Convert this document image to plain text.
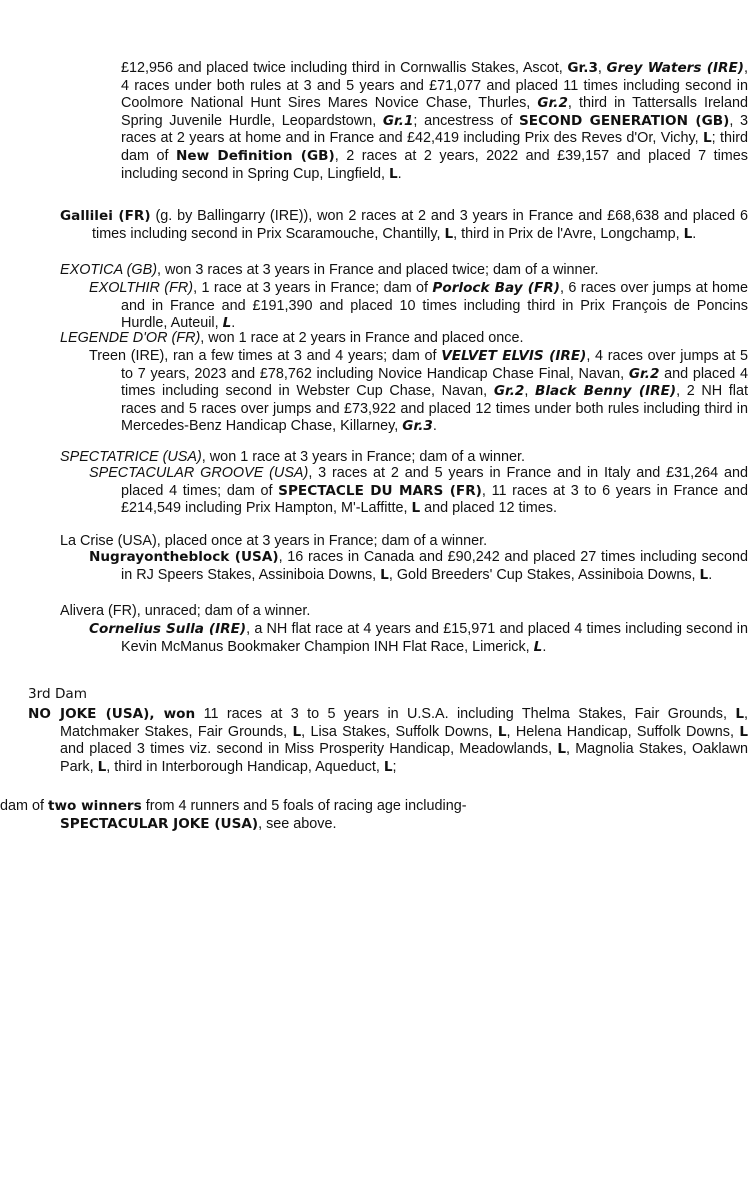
£12,956 and placed twice including third in Cornwallis Stakes, Ascot, Gr.3, Grey Waters (IRE), 4 races under both rules at 3 and 5 years and £71,077 and placed 11 times including second in Coolmore National Hunt Sires Mares Novice Chase, Thurles, Gr.2, third in Tattersalls Ireland Spring Juvenile Hurdle, Leopardstown, Gr.1; ancestress of SECOND GENERATION (GB), 3 races at 2 years at home and in France and £42,419 including Prix des Reves d'Or, Vichy, L; third dam of New Definition (GB), 2 races at 2 years, 2022 and £39,157 and placed 7 times including second in Spring Cup, Lingfield, L.
Gallilei (FR) (g. by Ballingarry (IRE)), won 2 races at 2 and 3 years in France and £68,638 and placed 6 times including second in Prix Scaramouche, Chantilly, L, third in Prix de l'Avre, Longchamp, L.
EXOTICA (GB), won 3 races at 3 years in France and placed twice; dam of a winner.
EXOLTHIR (FR), 1 race at 3 years in France; dam of Porlock Bay (FR), 6 races over jumps at home and in France and £191,390 and placed 10 times including third in Prix François de Poncins Hurdle, Auteuil, L.
LEGENDE D'OR (FR), won 1 race at 2 years in France and placed once.
Treen (IRE), ran a few times at 3 and 4 years; dam of VELVET ELVIS (IRE), 4 races over jumps at 5 to 7 years, 2023 and £78,762 including Novice Handicap Chase Final, Navan, Gr.2 and placed 4 times including second in Webster Cup Chase, Navan, Gr.2, Black Benny (IRE), 2 NH flat races and 5 races over jumps and £73,922 and placed 12 times under both rules including third in Mercedes-Benz Handicap Chase, Killarney, Gr.3.
SPECTATRICE (USA), won 1 race at 3 years in France; dam of a winner.
SPECTACULAR GROOVE (USA), 3 races at 2 and 5 years in France and in Italy and £31,264 and placed 4 times; dam of SPECTACLE DU MARS (FR), 11 races at 3 to 6 years in France and £214,549 including Prix Hampton, M'-Laffitte, L and placed 12 times.
La Crise (USA), placed once at 3 years in France; dam of a winner.
Nugrayontheblock (USA), 16 races in Canada and £90,242 and placed 27 times including second in RJ Speers Stakes, Assiniboia Downs, L, Gold Breeders' Cup Stakes, Assiniboia Downs, L.
Alivera (FR), unraced; dam of a winner.
Cornelius Sulla (IRE), a NH flat race at 4 years and £15,971 and placed 4 times including second in Kevin McManus Bookmaker Champion INH Flat Race, Limerick, L.
3rd Dam
NO JOKE (USA), won 11 races at 3 to 5 years in U.S.A. including Thelma Stakes, Fair Grounds, L, Matchmaker Stakes, Fair Grounds, L, Lisa Stakes, Suffolk Downs, L, Helena Handicap, Suffolk Downs, L and placed 3 times viz. second in Miss Prosperity Handicap, Meadowlands, L, Magnolia Stakes, Oaklawn Park, L, third in Interborough Handicap, Aqueduct, L;
dam of two winners from 4 runners and 5 foals of racing age including-
SPECTACULAR JOKE (USA), see above.
